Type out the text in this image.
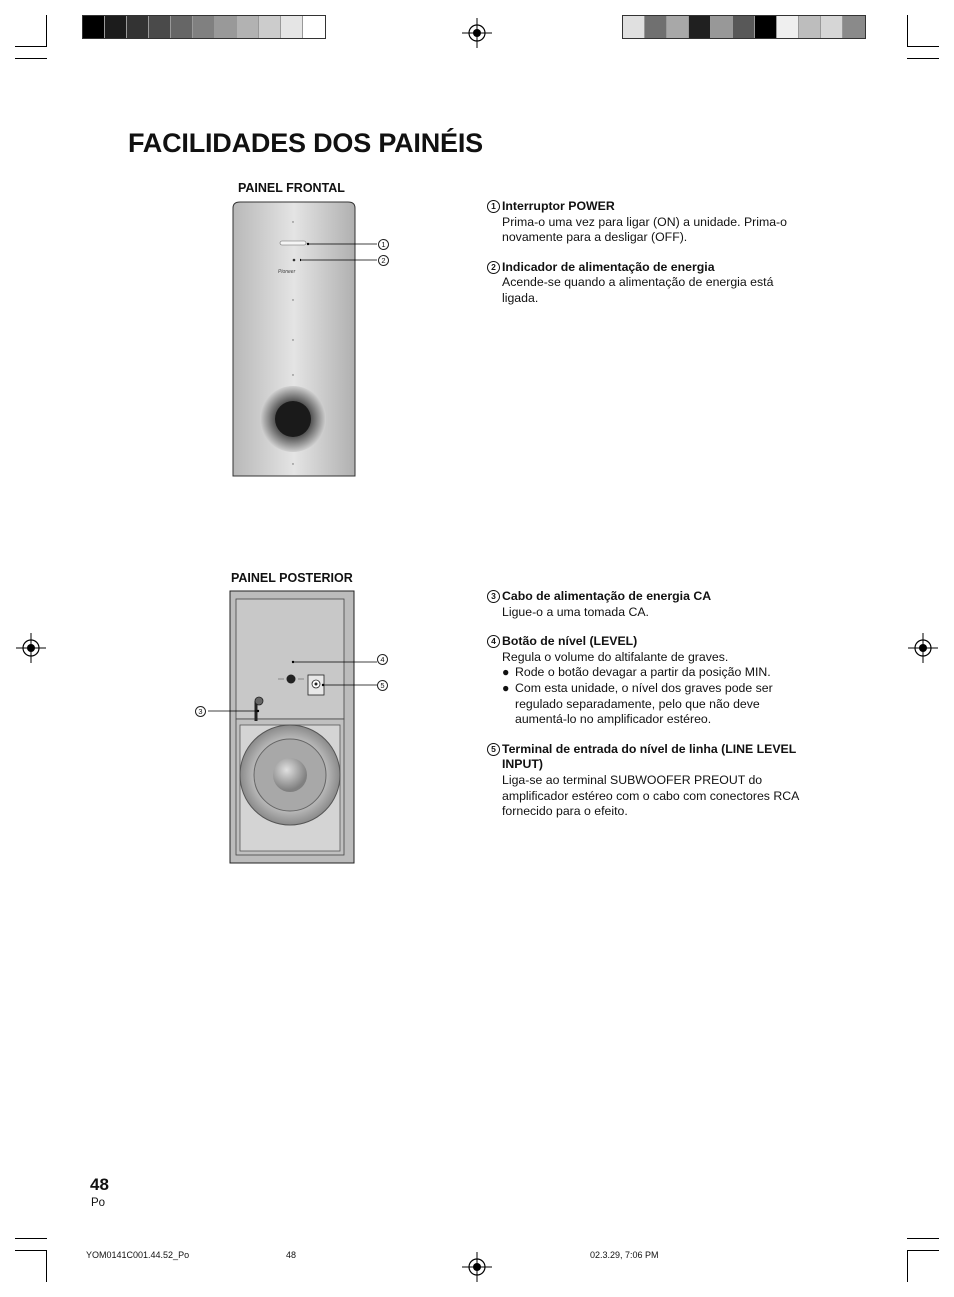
FACILIDADES DOS PAINÉIS
PAINEL FRONTAL
Pioneer
1
2
PAINEL POSTERIOR
3
4
5
1 Interruptor POWER
Prima-o uma vez para ligar (ON) a unidade. Prima-o
novamente para a desligar (OFF).
2 Indicador de alimentação de energia
Acende-se quando a alimentação de energia está
ligada.
3 Cabo de alimentação de energia CA
Ligue-o a uma tomada CA.
4 Botão de nível (LEVEL)
Regula o volume do altifalante de graves.
● Rode o botão devagar a partir da posição MIN.
● Com esta unidade, o nível dos graves pode ser
regulado separadamente, pelo que não deve
aumentá-lo no amplificador estéreo.
5 Terminal de entrada do nível de linha (LINE LEVEL
INPUT)
Liga-se ao terminal SUBWOOFER PREOUT do
amplificador estéreo com o cabo com conectores RCA
fornecido para o efeito.
48
Po
YOM0141C001.44.52_Po	48	02.3.29, 7:06 PM
